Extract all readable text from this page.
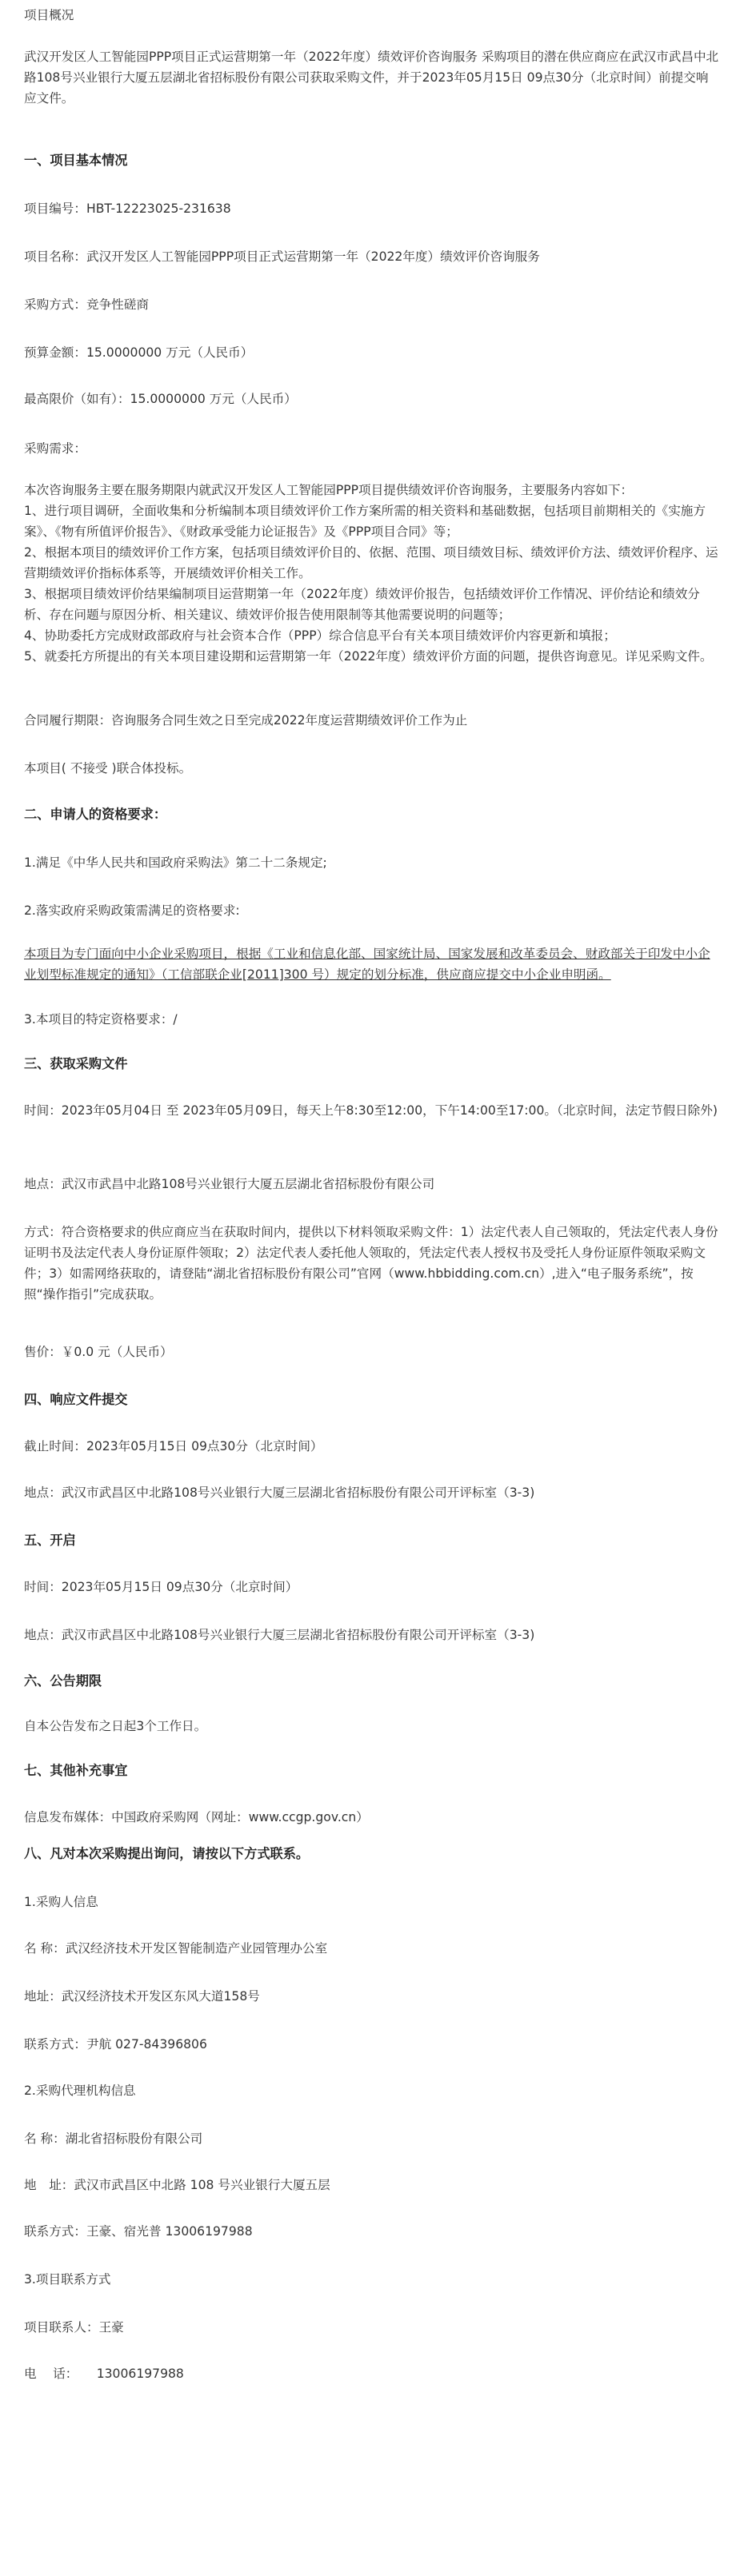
项目概况

武汉开发区人工智能园PPP项目正式运营期第一年（2022年度）绩效评价咨询服务 采购项目的潜在供应商应在武汉市武昌中北路108号兴业银行大厦五层湖北省招标股份有限公司获取采购文件，并于2023年05月15日 09点30分（北京时间）前提交响应文件。

一、项目基本情况

项目编号：HBT-12223025-231638

项目名称：武汉开发区人工智能园PPP项目正式运营期第一年（2022年度）绩效评价咨询服务

采购方式：竞争性磋商

预算金额：15.0000000 万元（人民币）

最高限价（如有）：15.0000000 万元（人民币）

采购需求：

本次咨询服务主要在服务期限内就武汉开发区人工智能园PPP项目提供绩效评价咨询服务，主要服务内容如下：
1、进行项目调研，全面收集和分析编制本项目绩效评价工作方案所需的相关资料和基础数据，包括项目前期相关的《实施方案》、《物有所值评价报告》、《财政承受能力论证报告》及《PPP项目合同》等；
2、根据本项目的绩效评价工作方案，包括项目绩效评价目的、依据、范围、项目绩效目标、绩效评价方法、绩效评价程序、运营期绩效评价指标体系等，开展绩效评价相关工作。
3、根据项目绩效评价结果编制项目运营期第一年（2022年度）绩效评价报告，包括绩效评价工作情况、评价结论和绩效分析、存在问题与原因分析、相关建议、绩效评价报告使用限制等其他需要说明的问题等；
4、协助委托方完成财政部政府与社会资本合作（PPP）综合信息平台有关本项目绩效评价内容更新和填报；
5、就委托方所提出的有关本项目建设期和运营期第一年（2022年度）绩效评价方面的问题，提供咨询意见。详见采购文件。

合同履行期限：咨询服务合同生效之日至完成2022年度运营期绩效评价工作为止

本项目( 不接受 )联合体投标。

二、申请人的资格要求：

1.满足《中华人民共和国政府采购法》第二十二条规定;

2.落实政府采购政策需满足的资格要求:

本项目为专门面向中小企业采购项目，根据《工业和信息化部、国家统计局、国家发展和改革委员会、财政部关于印发中小企业划型标准规定的通知》（工信部联企业[2011]300 号）规定的划分标准，供应商应提交中小企业申明函。

3.本项目的特定资格要求：/

三、获取采购文件

时间：2023年05月04日 至 2023年05月09日，每天上午8:30至12:00，下午14:00至17:00。（北京时间，法定节假日除外)

地点：武汉市武昌中北路108号兴业银行大厦五层湖北省招标股份有限公司

方式：符合资格要求的供应商应当在获取时间内，提供以下材料领取采购文件：1）法定代表人自己领取的，凭法定代表人身份证明书及法定代表人身份证原件领取；2）法定代表人委托他人领取的，凭法定代表人授权书及受托人身份证原件领取采购文件；3）如需网络获取的，请登陆“湖北省招标股份有限公司”官网（www.hbbidding.com.cn）,进入“电子服务系统”，按照“操作指引”完成获取。

售价：￥0.0 元（人民币）

四、响应文件提交

截止时间：2023年05月15日 09点30分（北京时间）

地点：武汉市武昌区中北路108号兴业银行大厦三层湖北省招标股份有限公司开评标室（3-3)

五、开启

时间：2023年05月15日 09点30分（北京时间）

地点：武汉市武昌区中北路108号兴业银行大厦三层湖北省招标股份有限公司开评标室（3-3)

六、公告期限

自本公告发布之日起3个工作日。

七、其他补充事宜

信息发布媒体：中国政府采购网（网址：www.ccgp.gov.cn）

八、凡对本次采购提出询问，请按以下方式联系。

1.采购人信息

名 称：武汉经济技术开发区智能制造产业园管理办公室

地址：武汉经济技术开发区东风大道158号

联系方式：尹航 027-84396806

2.采购代理机构信息

名 称：湖北省招标股份有限公司

地　址：武汉市武昌区中北路 108 号兴业银行大厦五层

联系方式：王豪、宿光普 13006197988

3.项目联系方式

项目联系人：王豪

电　 话：　　13006197988
